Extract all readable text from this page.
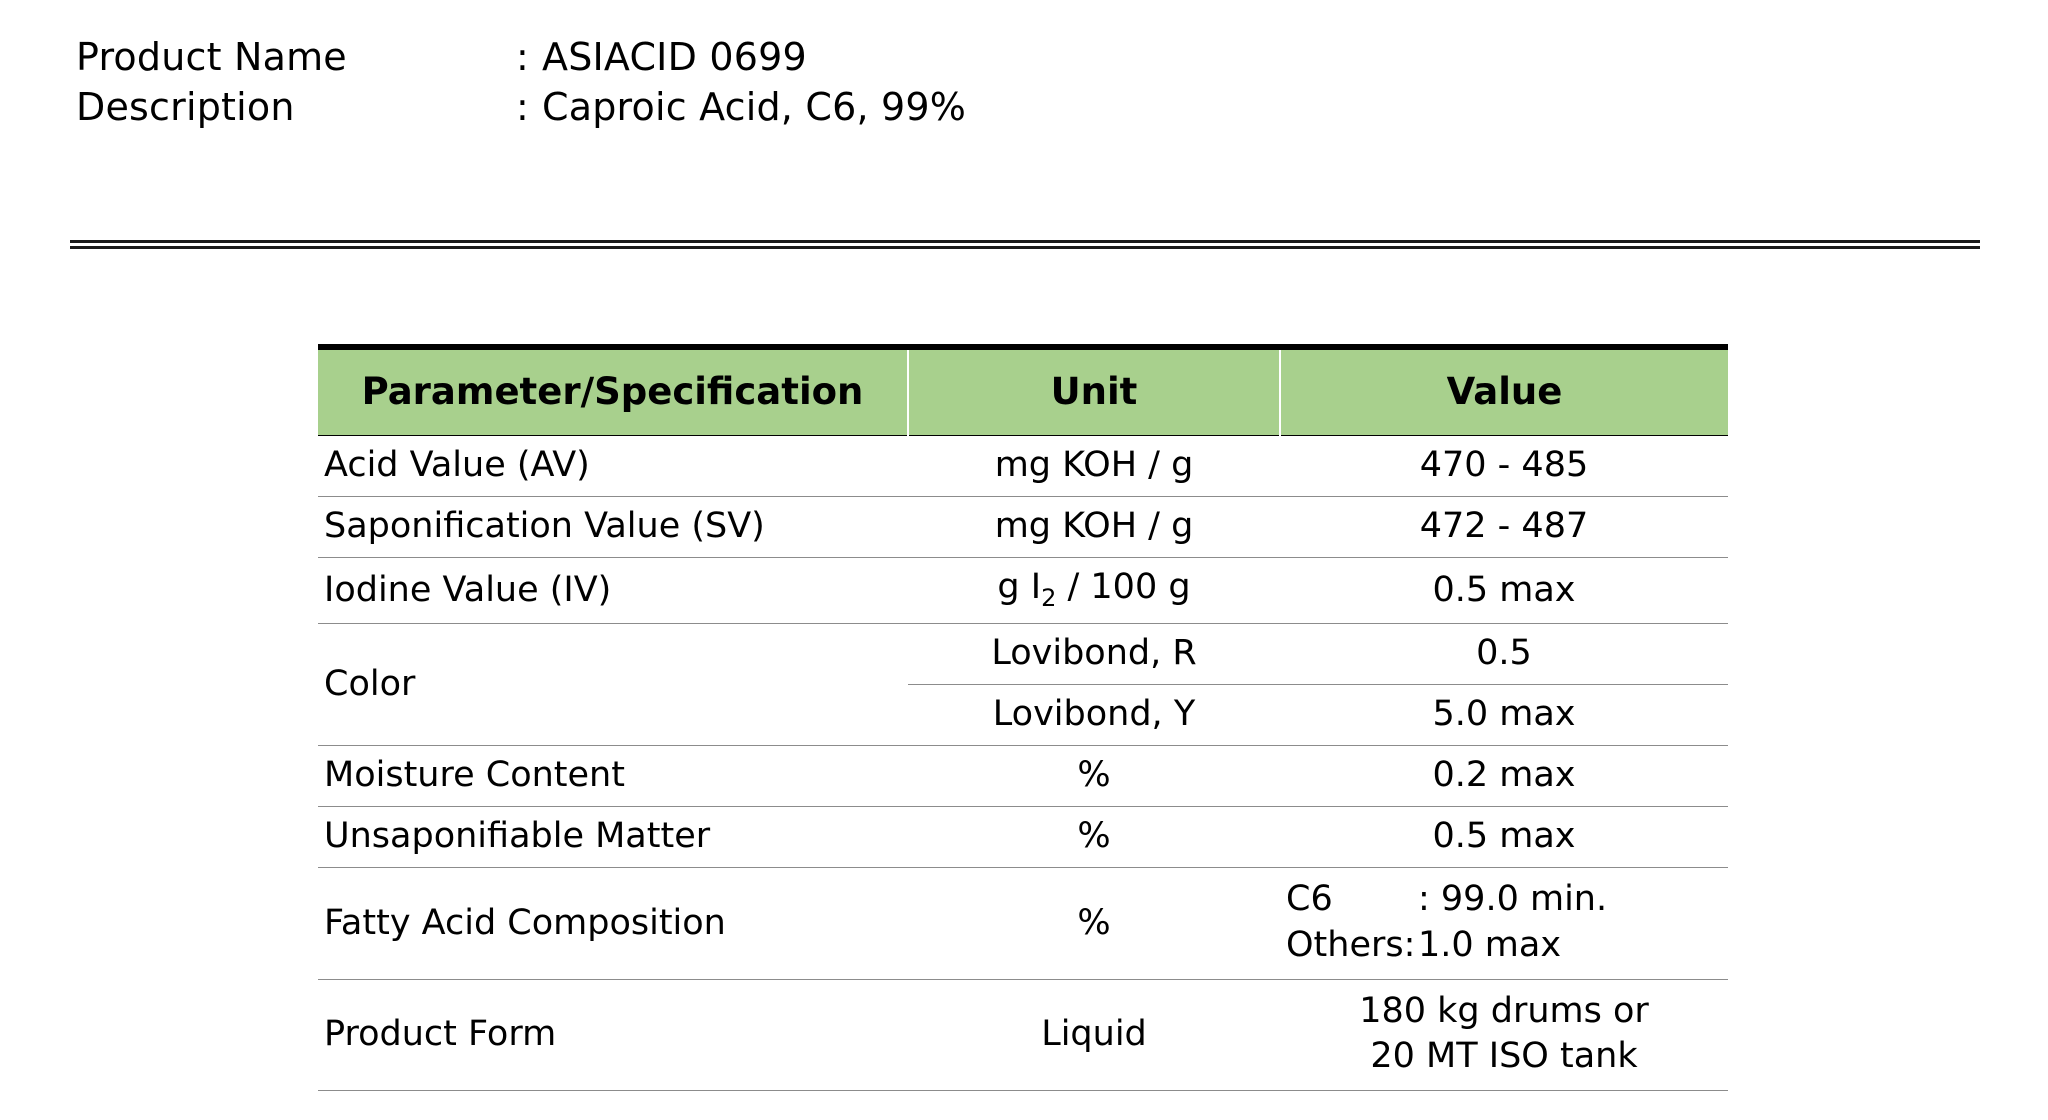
Product Name	: ASIACID 0699
Description	: Caproic Acid, C6, 99%
Parameter/Specification	Unit	Value
Acid Value (AV)	mg KOH / g	470 - 485
Saponification Value (SV)	mg KOH / g	472 - 487
Iodine Value (IV)	g $I_2 / 100$ g	0.5 max
Color	Lovibond, R	0.5
	Lovibond, Y	5.0 max
Moisture Content	%	0.2 max
Unsaponifiable Matter	%	0.5 max
Fatty Acid Composition	%	C6 : 99.0 min.
Others: 1.0 max

Product Form	Liquid	180 kg drums or
20 MT ISO tank
